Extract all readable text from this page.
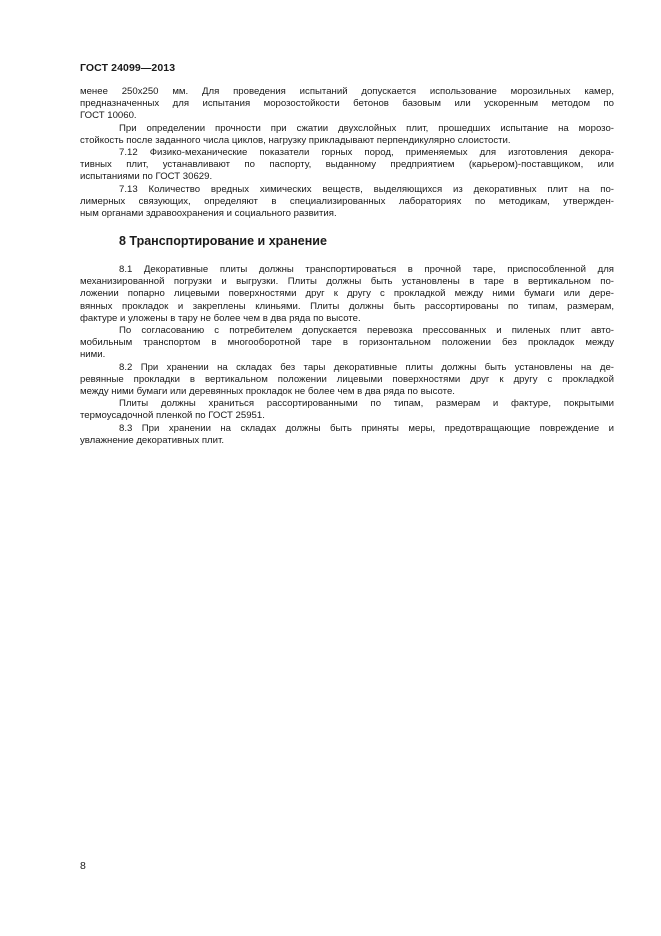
ГОСТ 24099—2013
менее 250х250 мм. Для проведения испытаний допускается использование морозильных камер,
предназначенных для испытания морозостойкости бетонов базовым или ускоренным методом по
ГОСТ 10060.
При определении прочности при сжатии двухслойных плит, прошедших испытание на морозо-
стойкость после заданного числа циклов, нагрузку прикладывают перпендикулярно слоистости.
7.12 Физико-механические показатели горных пород, применяемых для изготовления декора-
тивных плит, устанавливают по паспорту, выданному предприятием (карьером)-поставщиком, или
испытаниями по ГОСТ 30629.
7.13 Количество вредных химических веществ, выделяющихся из декоративных плит на по-
лимерных связующих, определяют в специализированных лабораториях по методикам, утвержден-
ным органами здравоохранения и социального развития.
8 Транспортирование и хранение
8.1 Декоративные плиты должны транспортироваться в прочной таре, приспособленной для
механизированной погрузки и выгрузки. Плиты должны быть установлены в таре в вертикальном по-
ложении попарно лицевыми поверхностями друг к другу с прокладкой между ними бумаги или дере-
вянных прокладок и закреплены клиньями. Плиты должны быть рассортированы по типам, размерам,
фактуре и уложены в тару не более чем в два ряда по высоте.
По согласованию с потребителем допускается перевозка прессованных и пиленых плит авто-
мобильным транспортом в многооборотной таре в горизонтальном положении без прокладок между
ними.
8.2 При хранении на складах без тары декоративные плиты должны быть установлены на де-
ревянные прокладки в вертикальном положении лицевыми поверхностями друг к другу с прокладкой
между ними бумаги или деревянных прокладок не более чем в два ряда по высоте.
Плиты должны храниться рассортированными по типам, размерам и фактуре, покрытыми
термоусадочной пленкой по ГОСТ 25951.
8.3 При хранении на складах должны быть приняты меры, предотвращающие повреждение и
увлажнение декоративных плит.
8
